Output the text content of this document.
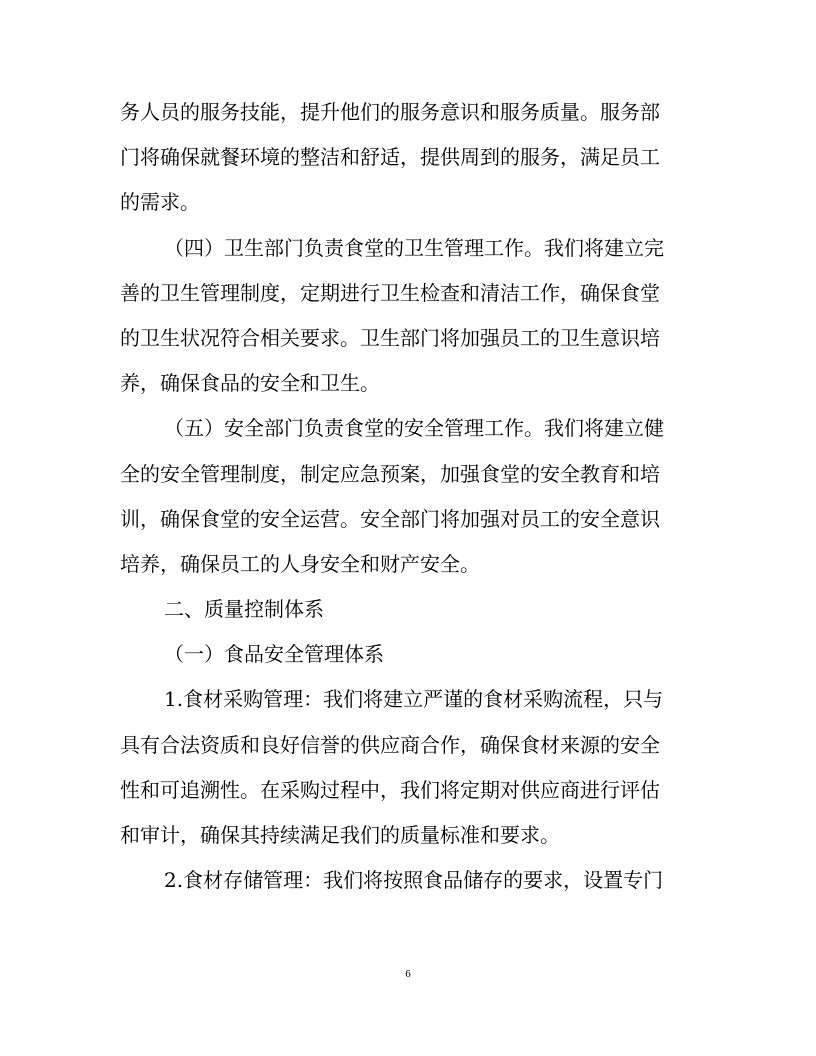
务人员的服务技能，提升他们的服务意识和服务质量。服务部
门将确保就餐环境的整洁和舒适，提供周到的服务，满足员工
的需求。
（四）卫生部门负责食堂的卫生管理工作。我们将建立完
善的卫生管理制度，定期进行卫生检查和清洁工作，确保食堂
的卫生状况符合相关要求。卫生部门将加强员工的卫生意识培
养，确保食品的安全和卫生。
（五）安全部门负责食堂的安全管理工作。我们将建立健
全的安全管理制度，制定应急预案，加强食堂的安全教育和培
训，确保食堂的安全运营。安全部门将加强对员工的安全意识
培养，确保员工的人身安全和财产安全。
二、质量控制体系
（一）食品安全管理体系
1.食材采购管理：我们将建立严谨的食材采购流程，只与
具有合法资质和良好信誉的供应商合作，确保食材来源的安全
性和可追溯性。在采购过程中，我们将定期对供应商进行评估
和审计，确保其持续满足我们的质量标准和要求。
2.食材存储管理：我们将按照食品储存的要求，设置专门
6
